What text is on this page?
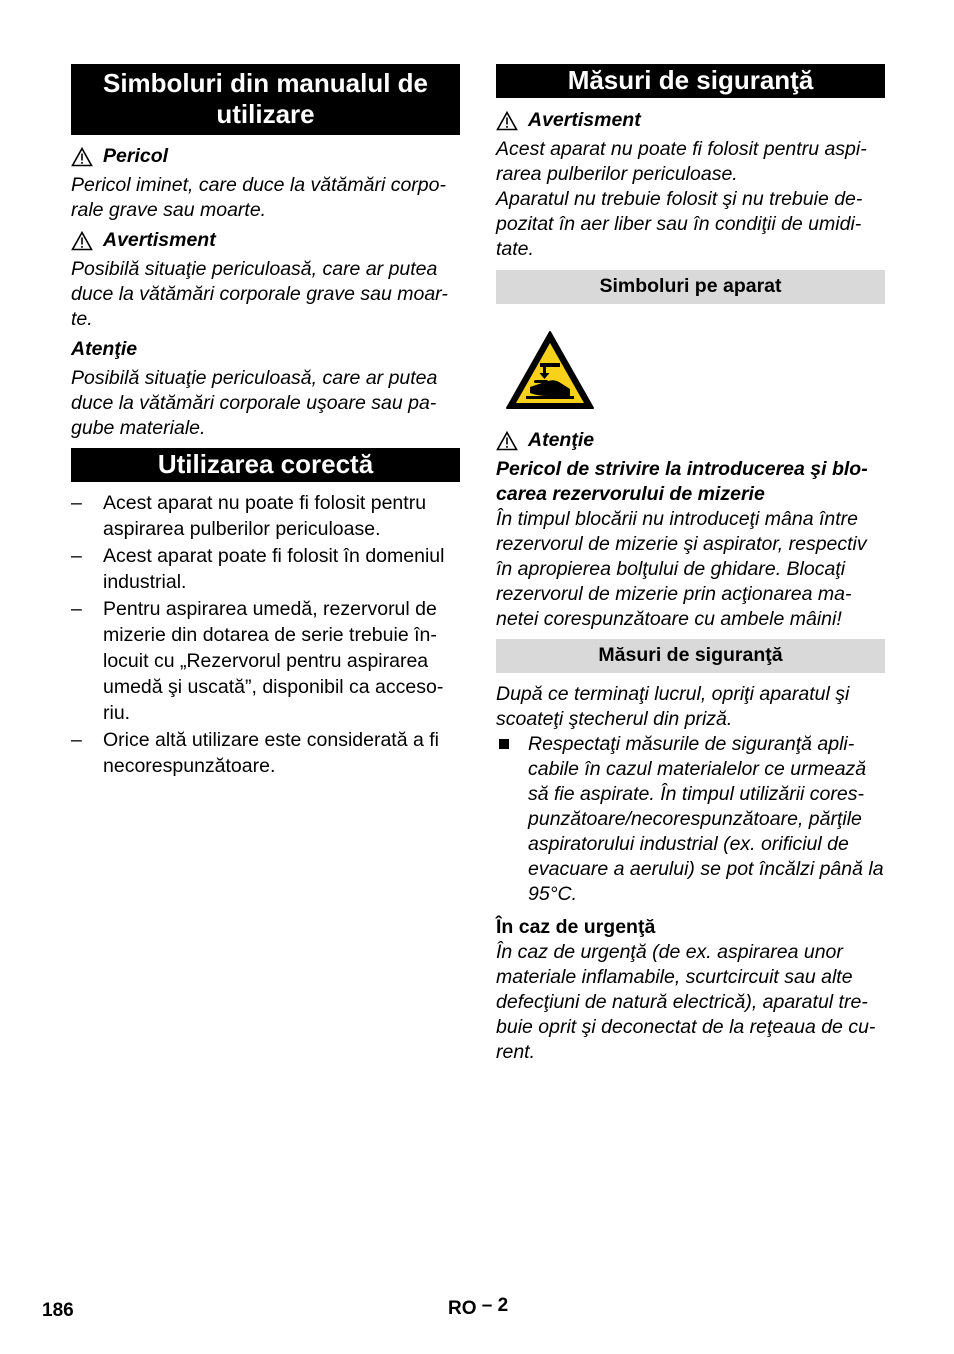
Simboluri din manualul de utilizare
Pericol

Pericol iminet, care duce la vătămări corpo-rale grave sau moarte.

Avertisment

Posibilă situaţie periculoasă, care ar putea duce la vătămări corporale grave sau moar-te.

Atenţie

Posibilă situaţie periculoasă, care ar putea duce la vătămări corporale uşoare sau pa-gube materiale.

Utilizarea corectă
– Acest aparat nu poate fi folosit pentru aspirarea pulberilor periculoase.
– Acest aparat poate fi folosit în domeniul industrial.
– Pentru aspirarea umedă, rezervorul de mizerie din dotarea de serie trebuie în-locuit cu „Rezervorul pentru aspirarea umedă şi uscată”, disponibil ca acceso-riu.
– Orice altă utilizare este considerată a fi necorespunzătoare.
Măsuri de siguranţă
Avertisment

Acest aparat nu poate fi folosit pentru aspi-rarea pulberilor periculoase.

Aparatul nu trebuie folosit şi nu trebuie de-pozitat în aer liber sau în condiţii de umidi-tate.

Simboluri pe aparat
Atenţie

Pericol de strivire la introducerea şi blo-carea rezervorului de mizerie

În timpul blocării nu introduceţi mâna între rezervorul de mizerie şi aspirator, respectiv în apropierea bolţului de ghidare. Blocaţi rezervorul de mizerie prin acţionarea ma-netei corespunzătoare cu ambele mâini!

Măsuri de siguranţă

După ce terminaţi lucrul, opriţi aparatul şi scoateţi ştecherul din priză.

Respectaţi măsurile de siguranţă apli-cabile în cazul materialelor ce urmează să fie aspirate. În timpul utilizării cores-punzătoare/necorespunzătoare, părţile aspiratorului industrial (ex. orificiul de evacuare a aerului) se pot încălzi până la 95°C.
În caz de urgenţă

În caz de urgenţă (de ex. aspirarea unor materiale inflamabile, scurtcircuit sau alte defecţiuni de natură electrică), aparatul tre-buie oprit şi deconectat de la reţeaua de cu-rent.

186	RO – 2
